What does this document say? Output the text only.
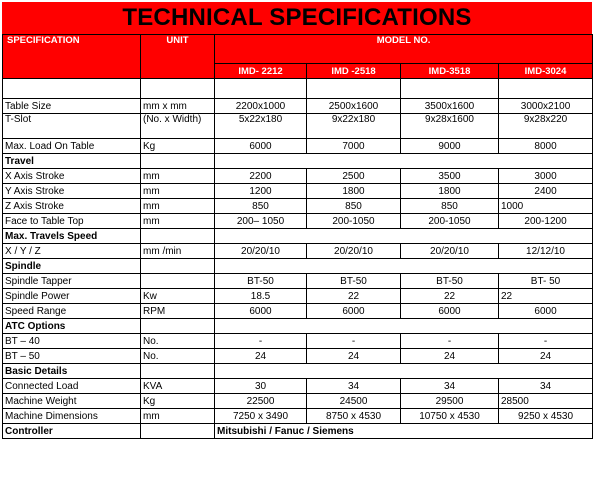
TECHNICAL SPECIFICATIONS
SPECIFICATION	UNIT	MODEL NO.			
		IMD- 2212	IMD -2518	IMD-3518	IMD-3024

Table Size	mm x mm	2200x1000	2500x1600	3500x1600	3000x2100
T-Slot	(No. x Width)	5x22x180	9x22x180	9x28x1600	9x28x220
Max. Load On Table	Kg	6000	7000	9000	8000
Travel					
X Axis Stroke	mm	2200	2500	3500	3000
Y Axis Stroke	mm	1200	1800	1800	2400
Z Axis Stroke	mm	850	850	850	1000
Face to Table Top	mm	200– 1050	200-1050	200-1050	200-1200
Max. Travels Speed					
X / Y / Z	mm /min	20/20/10	20/20/10	20/20/10	12/12/10
Spindle					
Spindle Tapper		BT-50	BT-50	BT-50	BT- 50
Spindle Power	Kw	18.5	22	22	22
Speed Range	RPM	6000	6000	6000	6000
ATC Options					
BT – 40	No.	-	-	-	-
BT – 50	No.	24	24	24	24
Basic Details					
Connected Load	KVA	30	34	34	34
Machine Weight	Kg	22500	24500	29500	28500
Machine Dimensions	mm	7250 x 3490	8750 x 4530	10750 x 4530	9250 x 4530
Controller		Mitsubishi / Fanuc / Siemens			
